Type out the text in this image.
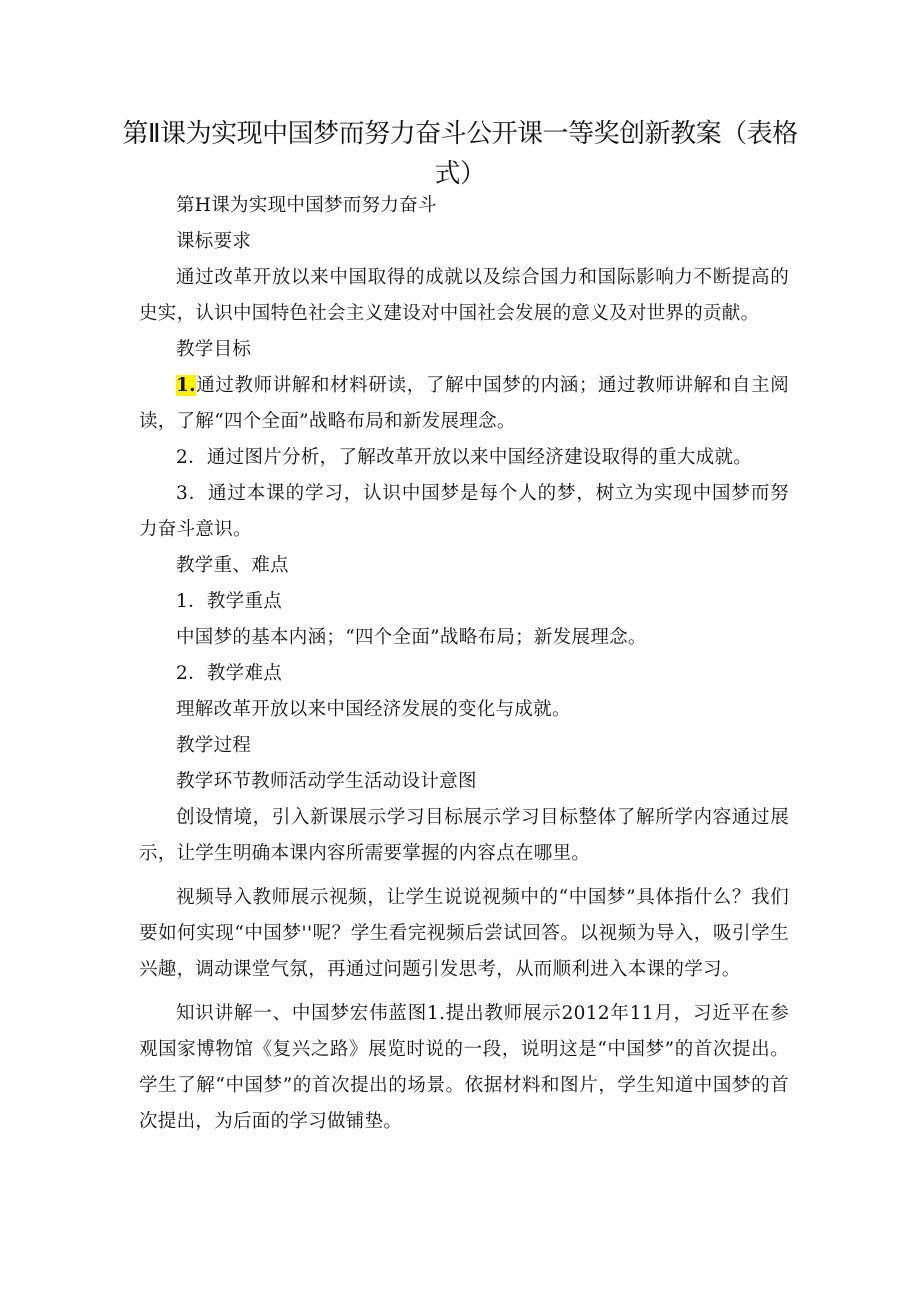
第Ⅱ课为实现中国梦而努力奋斗公开课一等奖创新教案（表格式）

第H课为实现中国梦而努力奋斗

课标要求

通过改革开放以来中国取得的成就以及综合国力和国际影响力不断提高的史实，认识中国特色社会主义建设对中国社会发展的意义及对世界的贡献。

教学目标

1.通过教师讲解和材料研读，了解中国梦的内涵；通过教师讲解和自主阅读，了解“四个全面”战略布局和新发展理念。

2．通过图片分析，了解改革开放以来中国经济建设取得的重大成就。

3．通过本课的学习，认识中国梦是每个人的梦，树立为实现中国梦而努力奋斗意识。

教学重、难点

1．教学重点

中国梦的基本内涵；“四个全面”战略布局；新发展理念。

2．教学难点

理解改革开放以来中国经济发展的变化与成就。

教学过程

教学环节教师活动学生活动设计意图

创设情境，引入新课展示学习目标展示学习目标整体了解所学内容通过展示，让学生明确本课内容所需要掌握的内容点在哪里。

视频导入教师展示视频，让学生说说视频中的“中国梦”具体指什么？我们要如何实现“中国梦''呢？学生看完视频后尝试回答。以视频为导入，吸引学生兴趣，调动课堂气氛，再通过问题引发思考，从而顺利进入本课的学习。

知识讲解一、中国梦宏伟蓝图1.提出教师展示2012年11月，习近平在参观国家博物馆《复兴之路》展览时说的一段，说明这是“中国梦”的首次提出。学生了解“中国梦”的首次提出的场景。依据材料和图片，学生知道中国梦的首次提出，为后面的学习做铺垫。
